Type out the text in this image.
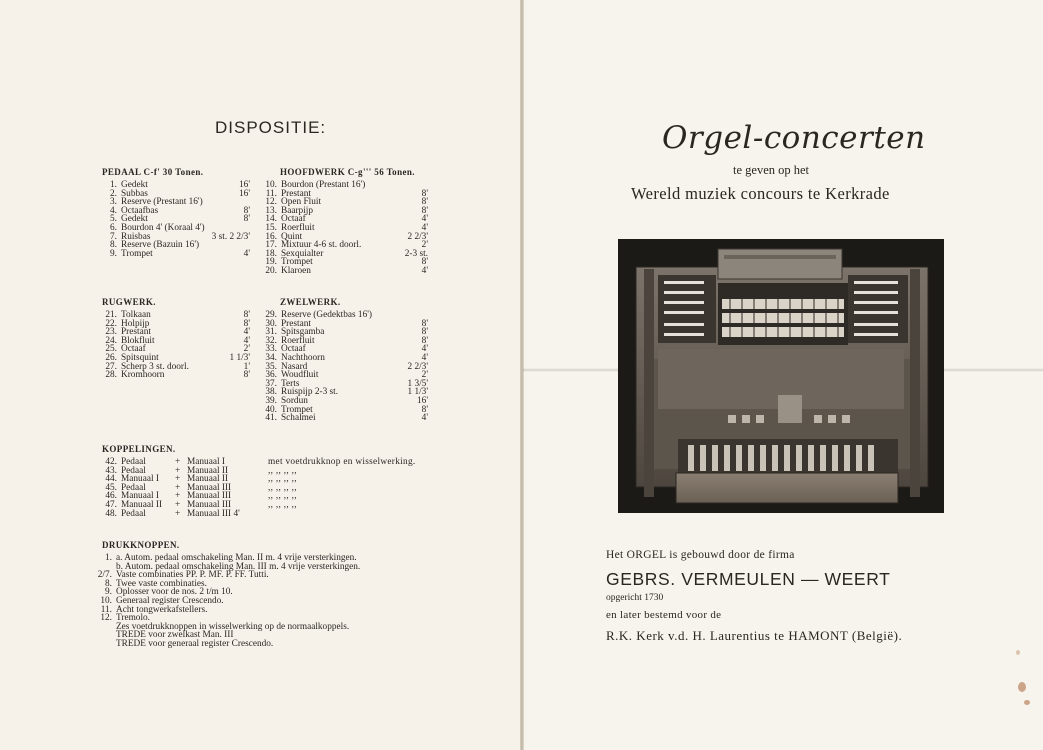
DISPOSITIE:
PEDAAL C-f' 30 Tonen.
1. Gedekt	16'
2. Subbas	16'
3. Reserve (Prestant 16')
4. Octaafbas	8'
5. Gedekt	8'
6. Bourdon 4' (Koraal 4')
7. Ruisbas	3 st. 2 2/3'
8. Reserve (Bazuin 16')
9. Trompet	4'
HOOFDWERK C-g''' 56 Tonen.
10. Bourdon (Prestant 16')
11. Prestant	8'
12. Open Fluit	8'
13. Baarpijp	8'
14. Octaaf	4'
15. Roerfluit	4'
16. Quint	2 2/3'
17. Mixtuur 4-6 st. doorl.	2'
18. Sexquialter	2-3 st.
19. Trompet	8'
20. Klaroen	4'
RUGWERK.
21. Tolkaan	8'
22. Holpijp	8'
23. Prestant	4'
24. Blokfluit	4'
25. Octaaf	2'
26. Spitsquint	1 1/3'
27. Scherp 3 st. doorl.	1'
28. Kromhoorn	8'
ZWELWERK.
29. Reserve (Gedektbas 16')
30. Prestant	8'
31. Spitsgamba	8'
32. Roerfluit	8'
33. Octaaf	4'
34. Nachthoorn	4'
35. Nasard	2 2/3'
36. Woudfluit	2'
37. Terts	1 3/5'
38. Ruispijp 2-3 st.	1 1/3'
39. Sordun	16'
40. Trompet	8'
41. Schalmei	4'
KOPPELINGEN.
42. Pedaal	+ Manuaal I	met voetdrukknop en wisselwerking.
43. Pedaal	+ Manuaal II	,, ,, ,, ,,
44. Manuaal I + Manuaal II	,, ,, ,, ,,
45. Pedaal	+ Manuaal III	,, ,, ,, ,,
46. Manuaal I + Manuaal III	,, ,, ,, ,,
47. Manuaal II + Manuaal III	,, ,, ,, ,,
48. Pedaal	+ Manuaal III 4'
DRUKKNOPPEN.
1. a. Autom. pedaal omschakeling Man. II m. 4 vrije versterkingen.
b. Autom. pedaal omschakeling Man. III m. 4 vrije versterkingen.
2/7. Vaste combinaties PP. P. MF. P. FF. Tutti.
8. Twee vaste combinaties.
9. Oplosser voor de nos. 2 t/m 10.
10. Generaal register Crescendo.
11. Acht tongwerkafstellers.
12. Tremolo.
Zes voetdrukknoppen in wisselwerking op de normaalkoppels.
TREDE voor zwelkast Man. III
TREDE voor generaal register Crescendo.
Orgel-concerten
te geven op het
Wereld muziek concours te Kerkrade
Het ORGEL is gebouwd door de firma
GEBRS. VERMEULEN — WEERT
opgericht 1730
en later bestemd voor de
R.K. Kerk v.d. H. Laurentius te HAMONT (België).
